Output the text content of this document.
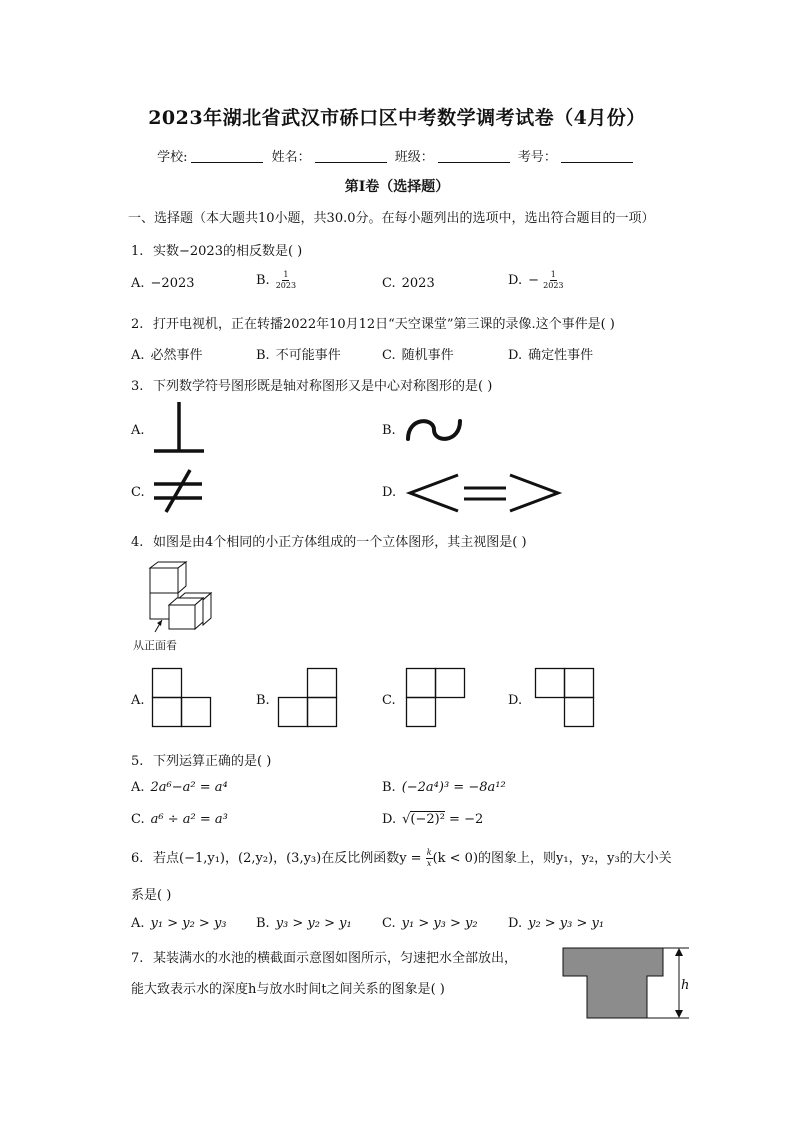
2023年湖北省武汉市硚口区中考数学调考试卷（4月份）
学校:	姓名：	班级：	考号：
第Ⅰ卷（选择题）
一、选择题（本大题共10小题，共30.0分。在每小题列出的选项中，选出符合题目的一项）
1. 实数−2023的相反数是( )
A. −2023	B. $\frac{1}{2023}$	C. 2023	D. − $\frac{1}{2023}$
2. 打开电视机，正在转播2022年10月12日“天空课堂”第三课的录像.这个事件是( )
A. 必然事件	B. 不可能事件	C. 随机事件	D. 确定性事件
3. 下列数学符号图形既是轴对称图形又是中心对称图形的是( )
A.	B.
C.	D.
4. 如图是由4个相同的小正方体组成的一个立体图形，其主视图是( )
从正面看
A.	B.	C.	D.
5. 下列运算正确的是( )
A. 2a⁶−a² = a⁴	B. (−2a⁴)³ = −8a¹²
C. a⁶ ÷ a² = a³	D. √(−2)² = −2
6. 若点(−1,y₁)，(2,y₂)，(3,y₃)在反比例函数$y = \frac{k}{x} (k < 0)$的图象上，则y₁，y₂，y₃的大小关
系是( )
A. y₁ > y₂ > y₃ B. y₃ > y₂ > y₁ C. y₁ > y₃ > y₂ D. y₂ > y₃ > y₁
7. 某装满水的水池的横截面示意图如图所示，匀速把水全部放出，
能大致表示水的深度h与放水时间t之间关系的图象是( )	h
